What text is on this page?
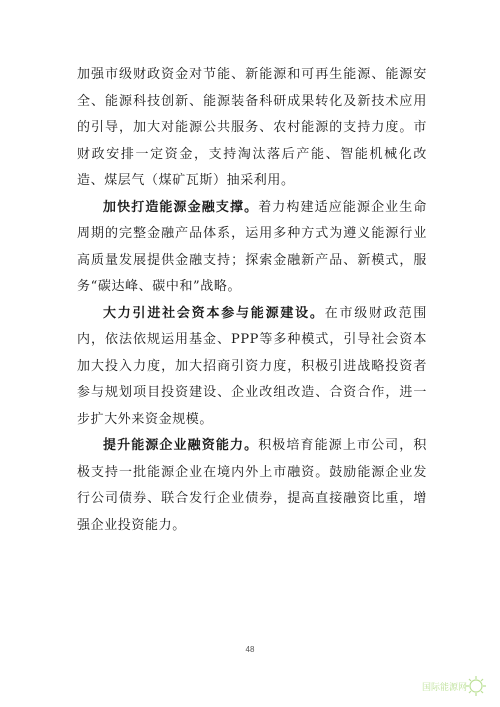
加强市级财政资金对节能、新能源和可再生能源、能源安全、能源科技创新、能源装备科研成果转化及新技术应用的引导，加大对能源公共服务、农村能源的支持力度。市财政安排一定资金，支持淘汰落后产能、智能机械化改造、煤层气（煤矿瓦斯）抽采利用。

加快打造能源金融支撑。着力构建适应能源企业生命周期的完整金融产品体系，运用多种方式为遵义能源行业高质量发展提供金融支持；探索金融新产品、新模式，服务“碳达峰、碳中和”战略。

大力引进社会资本参与能源建设。在市级财政范围内，依法依规运用基金、PPP等多种模式，引导社会资本加大投入力度，加大招商引资力度，积极引进战略投资者参与规划项目投资建设、企业改组改造、合资合作，进一步扩大外来资金规模。

提升能源企业融资能力。积极培育能源上市公司，积极支持一批能源企业在境内外上市融资。鼓励能源企业发行公司债券、联合发行企业债券，提高直接融资比重，增强企业投资能力。

48
国际能源网
